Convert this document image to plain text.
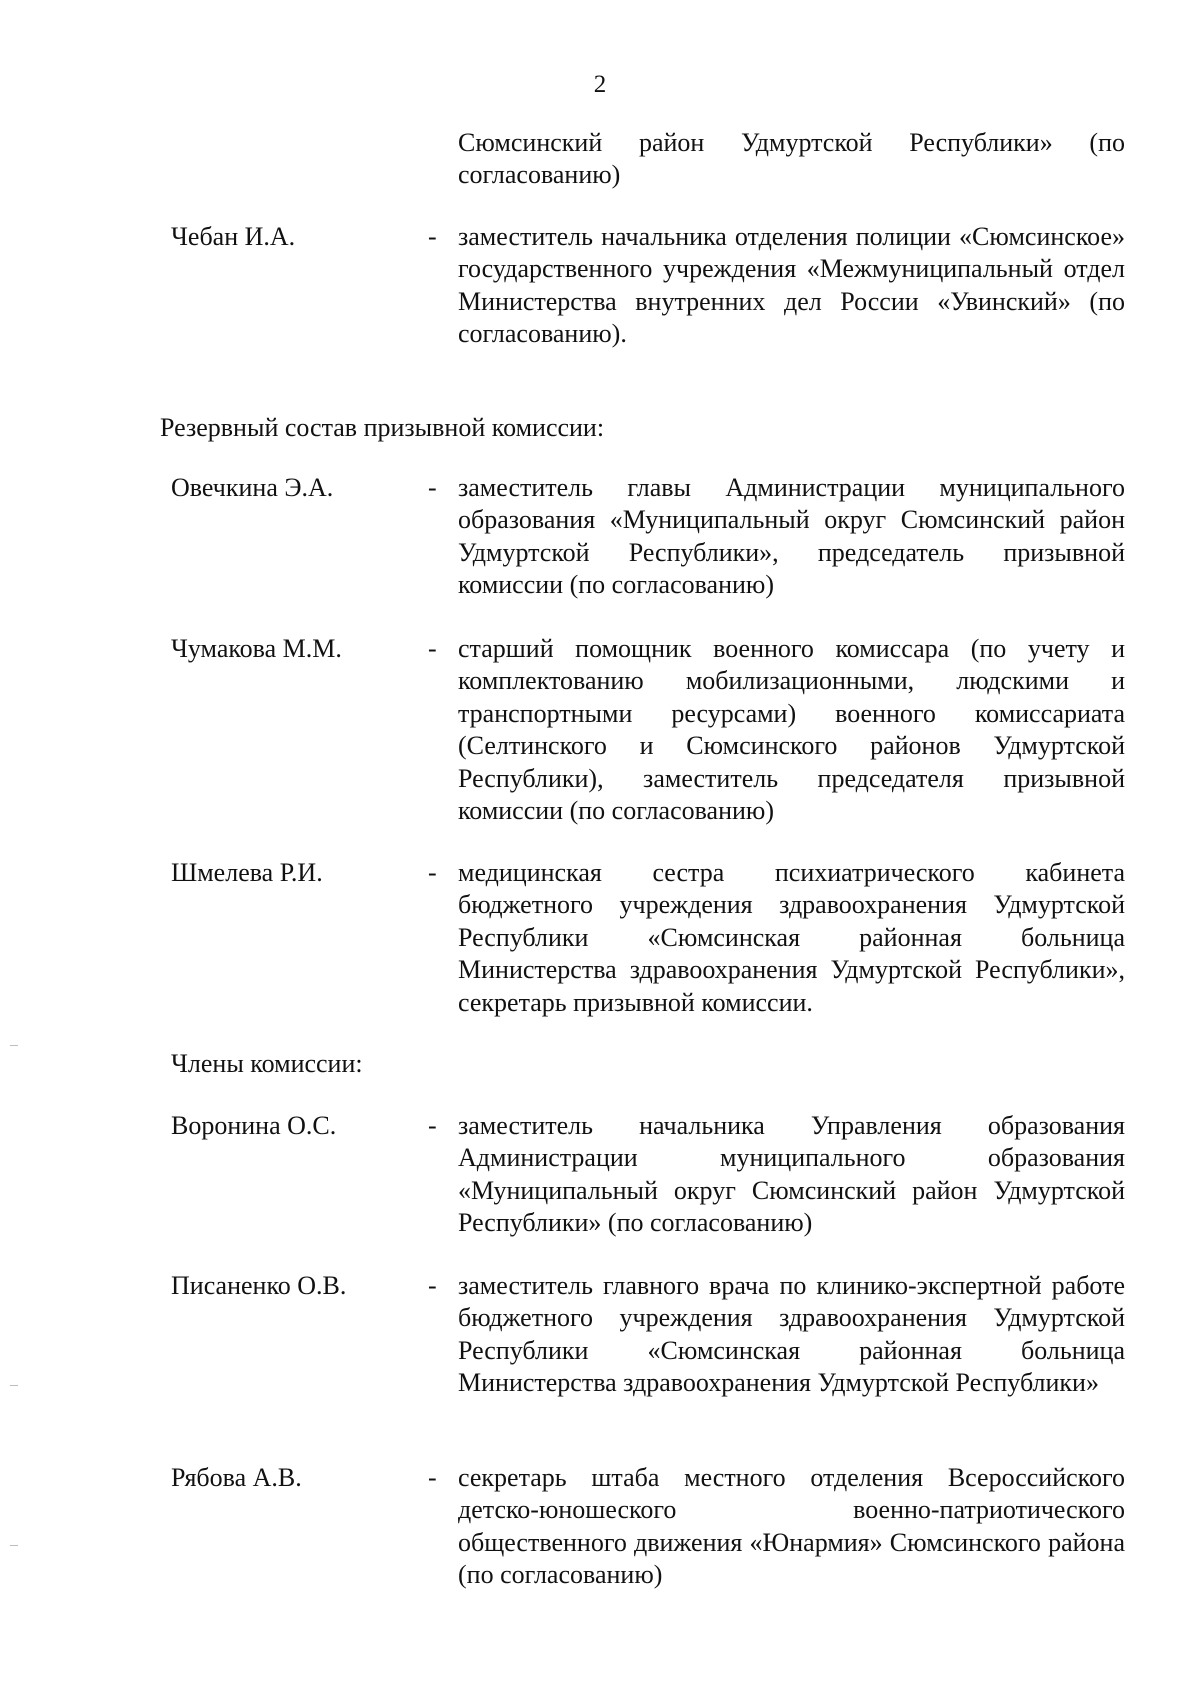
2
Сюмсинский район Удмуртской Республики» (по согласованию)
Чебан И.А.	- заместитель начальника отделения полиции «Сюмсинское» государственного учреждения «Межмуниципальный отдел Министерства внутренних дел России «Увинский» (по согласованию).
Резервный состав призывной комиссии:
Овечкина Э.А.	- заместитель главы Администрации муниципального образования «Муниципальный округ Сюмсинский район Удмуртской Республики», председатель призывной комиссии (по согласованию)
Чумакова М.М.	- старший помощник военного комиссара (по учету и комплектованию мобилизационными, людскими и транспортными ресурсами) военного комиссариата (Селтинского и Сюмсинского районов Удмуртской Республики), заместитель председателя призывной комиссии (по согласованию)
Шмелева Р.И.	- медицинская сестра психиатрического кабинета бюджетного учреждения здравоохранения Удмуртской Республики «Сюмсинская районная больница Министерства здравоохранения Удмуртской Республики», секретарь призывной комиссии.
Члены комиссии:
Воронина О.С.	- заместитель начальника Управления образования Администрации муниципального образования «Муниципальный округ Сюмсинский район Удмуртской Республики» (по согласованию)
Писаненко О.В.	- заместитель главного врача по клинико-экспертной работе бюджетного учреждения здравоохранения Удмуртской Республики «Сюмсинская районная больница Министерства здравоохранения Удмуртской Республики»
Рябова А.В.	- секретарь штаба местного отделения Всероссийского детско-юношеского военно-патриотического общественного движения «Юнармия» Сюмсинского района (по согласованию)
